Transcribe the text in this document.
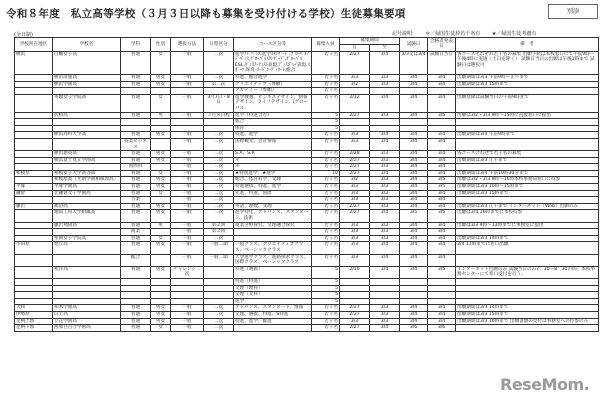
令和８年度　私立高等学校（３月３日以降も募集を受け付ける学校）生徒募集要項	別添
(全日制)	記号説明: ＊／帰国生徒枠若干名有 ★／帰国生徒考慮有
学校所在地区	学校名	学科	性別	選抜方法	日程区分	コース区分等	募集人員	募集期間		試験日	合格者発表日	備　考
								自	至			
横浜	白鵬女子高	普通	女	一般	二次	進学ｱﾄﾞﾊﾞﾝｽ,進学ｽﾀﾝﾀﾞｰﾄﾞ,ｸﾞﾛｰﾊﾞﾙｱﾄﾞﾊﾞﾝｽ,ｸﾞﾛｰﾊﾞﾙｽﾀﾝﾀﾞｰﾄﾞ,ｸﾞﾛｰﾊﾞﾙESL,ﾀﾞﾝｽｱｰﾃｨｽﾄ表現,ﾃﾞｨｽﾌﾟﾚｲ表現,ｽﾎﾟｰﾂ,保育･ﾌｰﾄﾞｺｰﾃﾞｨﾈｰﾄ,総合	若干名	2/27	3/4	3/3又は3/4	試験日当日	各コースそれぞれ若干名の募集 出願手続は本校窓口にて午前9時～午後4時に実施（土日を除く） 試験日当日の出願は午後1時まで 試験日は選択可
	横浜清風高	普通	男女	一般	二次	特進、総合進学	若干名	3/3	3/3	3/4	3/4	出願期間は3/3 午前9時～正午まで
	横浜学園高	普通	男女	一般	第二次	クリエイティブ（専願）	若干名	3/2	3/3	3/4	3/4	出願期間は3/3 15時まで
						アカデミー（専願）	若干名					
	英理女子学院高	普通	女	一般	3月7日・8日	進学教養、ビジネスデザイン、情報デザイン、ライフデザイン、iグローバル	若干名	2/12	3/4	3/4	3/4	出願登録は試験当日の午前9時まで
	武相高	普通	男	一般	３月８日程	進学（特進含む）	5	2/27	3/3	3/4	3/5	出願は3/2・3/3 9時～15時に直接窓口に提出
						総合	5					
						体育	5					
	横浜商科大学高	普通	男女	一般	二次	特進、進学	若干名	3/3	3/4	3/4	3/4	出願期間は3/4 午前9時まで
		商業ビジネス		一般	二次	国際観光、会計情報	若干名	3/3	3/4	3/4	3/4	
	横浜創英高	普通	男女	一般	二次	S.A、S.R	若干名	2/28	3/3	3/4	3/4	各コース合わせて若干名の募集
	横浜富士見丘学園高	普通	男女	一般	二次	＊	若干名	2/27	3/3	3/4	3/4	出願期間は3/3 正午まで
		国際科		一般	二次	＊	若干名	2/27	3/3	3/4	3/4	
相模原	相模女子大学高等部	普通	女	一般	二次	★特別進学、★進学	10	2/27	3/4	3/4	3/4	出願期間は3/4 午前10時30分まで
	相模原高（光明学園相模原高）	普通	男女	一般	二次	総合、体育科学、文理	若干名	3/2	3/3	3/4	3/5	出願は3/2・3/3 9時～16時本校事務局窓口に持参
平塚	平塚学園高	普通	男女	一般	二次	特進選抜、特進、進学	若干名	3/3	3/3	3/4	3/5	出願期間は3/3 10時～15時まで
鎌倉	北鎌倉女子学園高	普通	女	一般	二次	先進、特進、国際	若干名	3/3	3/3	3/4	3/4	出願期間は3/3 15時まで
		音楽		一般	二次		若干名	3/3	3/3	3/4	3/4	
藤沢	鵠沼高	普通	男女	一般	二次	英語、理数、文理	若干名	2/27	3/3	3/4	3/4	出願期間は3/3 正午まで インターネット（Web）出願のみ
	湘南工科大学附属高	普通	男女	一般	二次	進学特化、アドバンス、スタンダード、技術	若干名	2/27	3/4	3/5	3/5	出願は3/4 16時までに本校持参
	藤沢翔陵高	普通	男	一般	第２回	商業分野探究、文理融合探究	若干名	3/3	3/3	3/4	3/4	出願は3/3 9時～13時までに事務室に提出
		商業		一般	第２回		若干名	3/3	3/3	3/4	3/4	
	聖園女子学院高	普通	女	一般	二次		若干名	3/3	3/3	3/4	3/4	出願期間は3/3 14時まで
小田原	旭丘高	普通	男女	一般	一般二期	一般クラス、クリエイティブクラス、ベーシッククラス	若干名	3/3	3/4	3/4	3/4	3/4 11時までに窓口出願
		総合		一般	一般二期	大学進学クラス、進路探求クラス、国際クラス、ベーシッククラス	若干名	3/3	3/4	3/4	3/4	
	相洋高	普通	男女	チャレンジ二次		特進（選抜）	5	2/16	3/4	3/4	3/5	インターネット出願のみ 試験当日のみ7：30～8：30の間、本校事務センターにて窓口受付を行う。
						特進（特進）	5					
						文理（理科）	5					
						文理（文科）	5					
						進学	5					
大和	柏木学園高	普通	男女	一般	二次	アドバンス、スタンダード、情報	若干名	2/27	3/3	3/4	3/4	出願期間は3/3 14時まで
伊勢原	向上高	普通	男女	一般	二次	文理、選抜、特進、S特進	若干名	2/27	3/3	3/4	3/4	出願期間は3/3 15時まで
足柄上郡	立花学園高	普通	男女	一般	二次	特進、進学、総進	若干名	3/3	3/3	3/4	3/4	出願期間は3/3 16時まで 出願書類の受付は事務室への持参のみ
足柄下郡	函嶺白百合学園高	普通	女	一般	二次		若干名	2/27	3/4	3/6	3/6	
ReseMom.
